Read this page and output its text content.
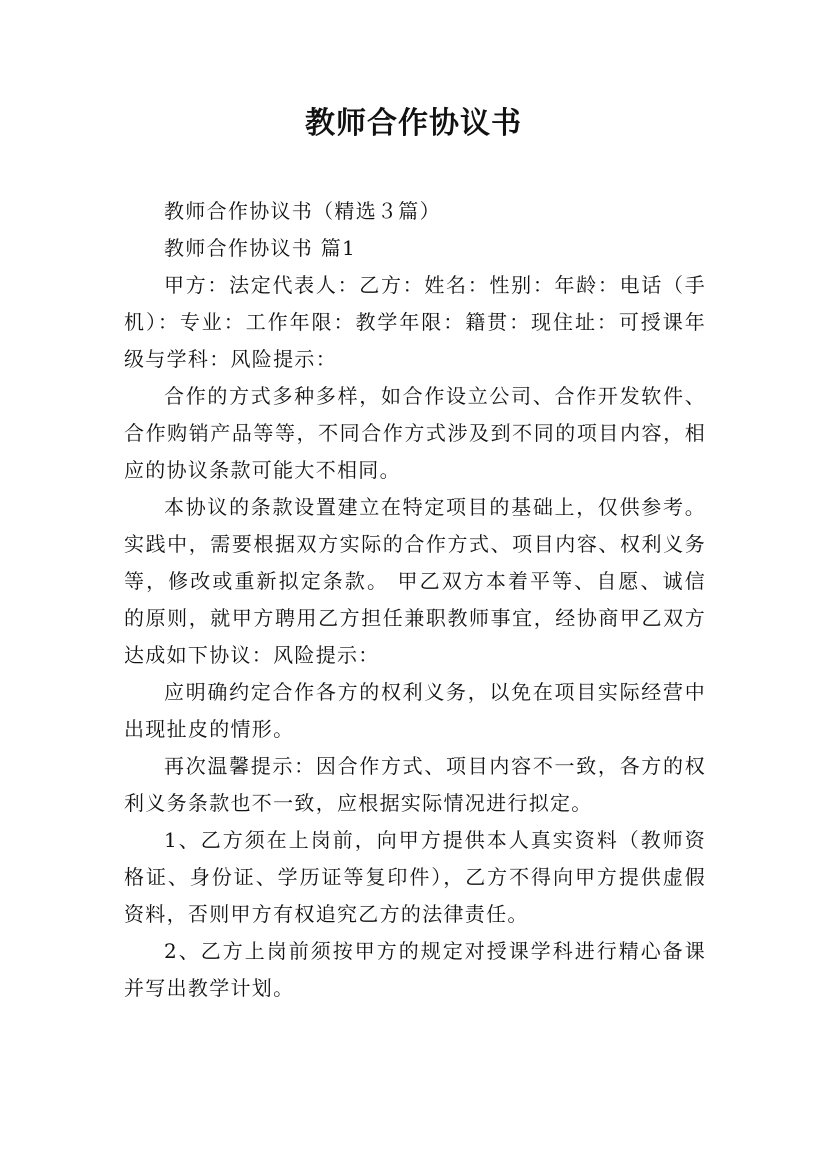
教师合作协议书

教师合作协议书（精选３篇）

教师合作协议书 篇1

甲方：法定代表人：乙方：姓名：性别：年龄：电话（手机）：专业：工作年限：教学年限：籍贯：现住址：可授课年级与学科：风险提示：

合作的方式多种多样，如合作设立公司、合作开发软件、合作购销产品等等，不同合作方式涉及到不同的项目内容，相应的协议条款可能大不相同。

本协议的条款设置建立在特定项目的基础上，仅供参考。实践中，需要根据双方实际的合作方式、项目内容、权利义务等，修改或重新拟定条款。 甲乙双方本着平等、自愿、诚信的原则，就甲方聘用乙方担任兼职教师事宜，经协商甲乙双方达成如下协议：风险提示：

应明确约定合作各方的权利义务，以免在项目实际经营中出现扯皮的情形。

再次温馨提示：因合作方式、项目内容不一致，各方的权利义务条款也不一致，应根据实际情况进行拟定。

1、乙方须在上岗前，向甲方提供本人真实资料（教师资格证、身份证、学历证等复印件），乙方不得向甲方提供虚假资料，否则甲方有权追究乙方的法律责任。

2、乙方上岗前须按甲方的规定对授课学科进行精心备课并写出教学计划。
